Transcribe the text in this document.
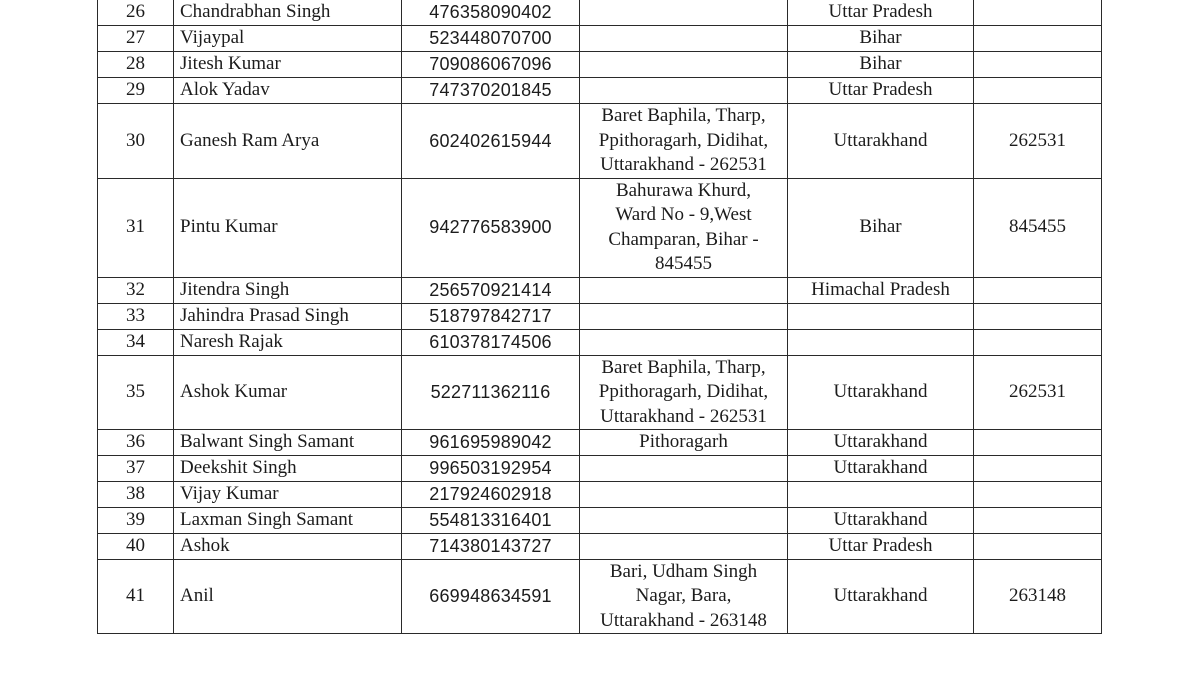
26	Chandrabhan Singh	476358090402		Uttar Pradesh	
27	Vijaypal	523448070700		Bihar	
28	Jitesh Kumar	709086067096		Bihar	
29	Alok Yadav	747370201845		Uttar Pradesh	
30	Ganesh Ram Arya	602402615944	Baret Baphila, Tharp,
Ppithoragarh, Didihat,
Uttarakhand - 262531	Uttarakhand	262531
31	Pintu Kumar	942776583900	Bahurawa Khurd,
Ward No - 9,West
Champaran, Bihar -
845455	Bihar	845455
32	Jitendra Singh	256570921414		Himachal Pradesh	
33	Jahindra Prasad Singh	518797842717			
34	Naresh Rajak	610378174506			
35	Ashok Kumar	522711362116	Baret Baphila, Tharp,
Ppithoragarh, Didihat,
Uttarakhand - 262531	Uttarakhand	262531
36	Balwant Singh Samant	961695989042	Pithoragarh	Uttarakhand	
37	Deekshit Singh	996503192954		Uttarakhand	
38	Vijay Kumar	217924602918			
39	Laxman Singh Samant	554813316401		Uttarakhand	
40	Ashok	714380143727		Uttar Pradesh	
41	Anil	669948634591	Bari, Udham Singh
Nagar, Bara,
Uttarakhand - 263148	Uttarakhand	263148
